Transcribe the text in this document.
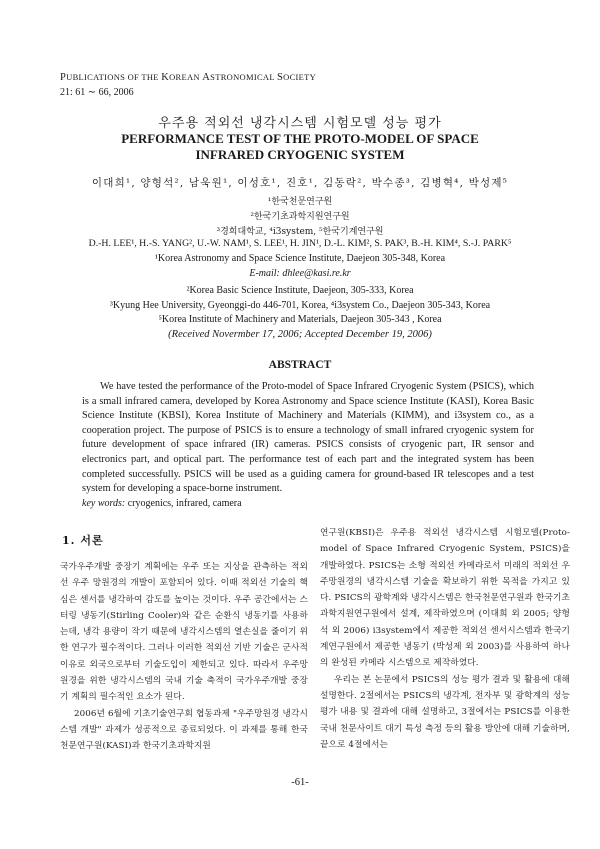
PUBLICATIONS OF THE KOREAN ASTRONOMICAL SOCIETY
21: 61 ∼ 66, 2006
우주용 적외선 냉각시스템 시험모델 성능 평가
PERFORMANCE TEST OF THE PROTO-MODEL OF SPACE
INFRARED CRYOGENIC SYSTEM
이대희¹, 양형석², 남욱원¹, 이성호¹, 진호¹, 김동락², 박수종³, 김병혁⁴, 박성제⁵
¹한국천문연구원
²한국기초과학지원연구원
³경희대학교, ⁴i3system, ⁵한국기계연구원
D.-H. LEE¹, H.-S. YANG², U.-W. NAM¹, S. LEE¹, H. JIN¹, D.-L. KIM², S. PAK³, B.-H. KIM⁴, S.-J. PARK⁵
¹Korea Astronomy and Space Science Institute, Daejeon 305-348, Korea
E-mail: dhlee@kasi.re.kr
²Korea Basic Science Institute, Daejeon, 305-333, Korea
³Kyung Hee University, Gyeonggi-do 446-701, Korea, ⁴i3system Co., Daejeon 305-343, Korea
⁵Korea Institute of Machinery and Materials, Daejeon 305-343 , Korea
(Received Novermber 17, 2006; Accepted December 19, 2006)
ABSTRACT
We have tested the performance of the Proto-model of Space Infrared Cryogenic System (PSICS), which is a small infrared camera, developed by Korea Astronomy and Space science Institute (KASI), Korea Basic Science Institute (KBSI), Korea Institute of Machinery and Materials (KIMM), and i3system co., as a cooperation project. The purpose of PSICS is to ensure a technology of small infrared cryogenic system for future development of space infrared (IR) cameras. PSICS consists of cryogenic part, IR sensor and electronics part, and optical part. The performance test of each part and the integrated system has been completed successfully. PSICS will be used as a guiding camera for ground-based IR telescopes and a test system for developing a space-borne instrument.
key words: cryogenics, infrared, camera
1. 서론

국가우주개발 중장기 계획에는 우주 또는 지상을 관측하는 적외선 우주 망원경의 개발이 포함되어 있다. 이때 적외선 기술의 핵심은 센서를 냉각하여 감도를 높이는 것이다. 우주 공간에서는 스터링 냉동기(Stirling Cooler)와 같은 순환식 냉동기를 사용하는데, 냉각 용량이 작기 때문에 냉각시스템의 열손실을 줄이기 위한 연구가 필수적이다. 그러나 이러한 적외선 기반 기술은 군사적 이유로 외국으로부터 기술도입이 제한되고 있다. 따라서 우주망원경을 위한 냉각시스템의 국내 기술 축적이 국가우주개발 중장기 계획의 필수적인 요소가 된다.

2006년 6월에 기초기술연구회 협동과제 "우주망원경 냉각시스템 개발" 과제가 성공적으로 종료되었다. 이 과제를 통해 한국천문연구원(KASI)과 한국기초과학지원

연구원(KBSI)은 우주용 적외선 냉각시스템 시험모델(Proto-model of Space Infrared Cryogenic System, PSICS)을 개발하였다. PSICS는 소형 적외선 카메라로서 미래의 적외선 우주망원경의 냉각시스템 기술을 확보하기 위한 목적을 가지고 있다. PSICS의 광학계와 냉각시스템은 한국천문연구원과 한국기초과학지원연구원에서 설계, 제작하였으며 (이대희 외 2005; 양형석 외 2006) i3system에서 제공한 적외선 센서시스템과 한국기계연구원에서 제공한 냉동기 (박성제 외 2003)를 사용하여 하나의 완성된 카메라 시스템으로 제작하였다.

우리는 본 논문에서 PSICS의 성능 평가 결과 및 활용에 대해 설명한다. 2절에서는 PSICS의 냉각계, 전자부 및 광학계의 성능 평가 내용 및 결과에 대해 설명하고, 3절에서는 PSICS를 이용한 국내 천문사이트 대기 특성 측정 등의 활용 방안에 대해 기술하며, 끝으로 4절에서는

-61-
